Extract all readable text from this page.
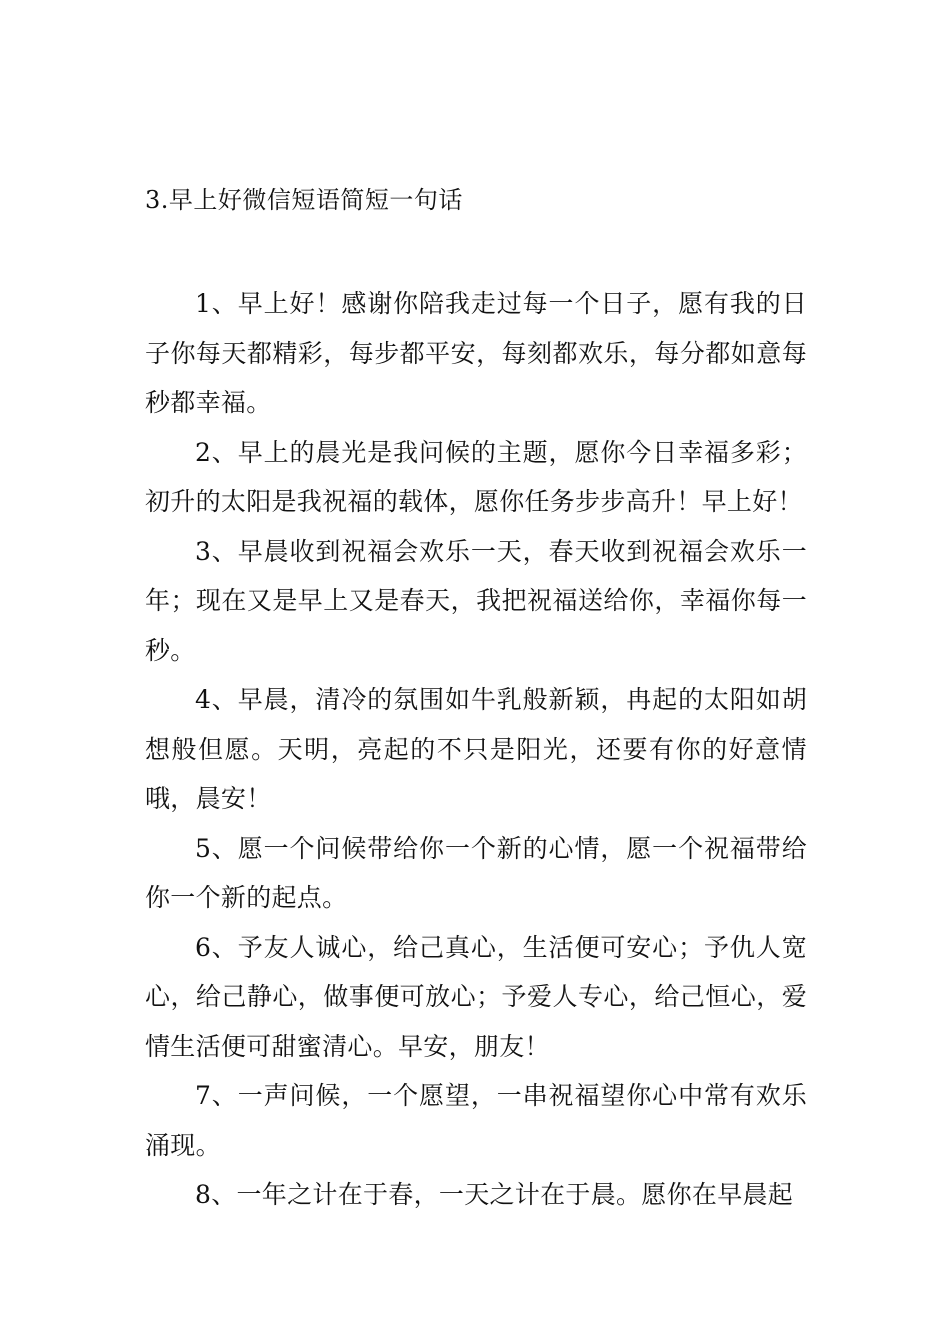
3.早上好微信短语简短一句话

1、早上好！感谢你陪我走过每一个日子，愿有我的日子你每天都精彩，每步都平安，每刻都欢乐，每分都如意每秒都幸福。

2、早上的晨光是我问候的主题，愿你今日幸福多彩；初升的太阳是我祝福的载体，愿你任务步步高升！早上好！

3、早晨收到祝福会欢乐一天，春天收到祝福会欢乐一年；现在又是早上又是春天，我把祝福送给你，幸福你每一秒。

4、早晨，清冷的氛围如牛乳般新颖，冉起的太阳如胡想般但愿。天明，亮起的不只是阳光，还要有你的好意情哦，晨安！

5、愿一个问候带给你一个新的心情，愿一个祝福带给你一个新的起点。

6、予友人诚心，给己真心，生活便可安心；予仇人宽心，给己静心，做事便可放心；予爱人专心，给己恒心，爱情生活便可甜蜜清心。早安，朋友！

7、一声问候，一个愿望，一串祝福望你心中常有欢乐涌现。

8、一年之计在于春，一天之计在于晨。愿你在早晨起
